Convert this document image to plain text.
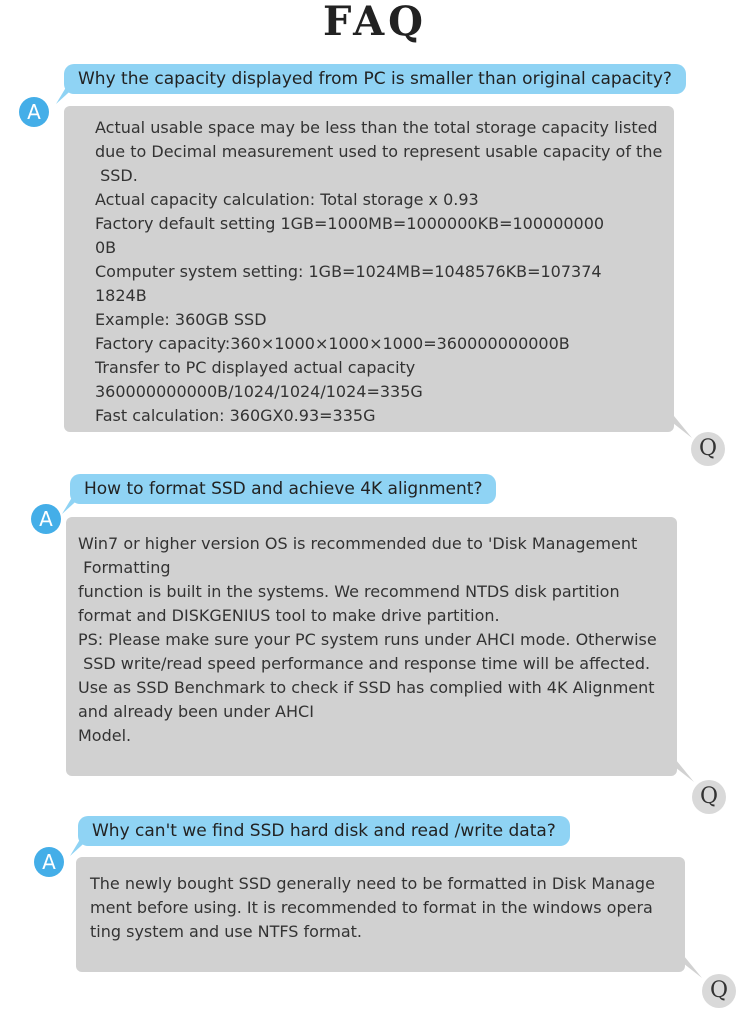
FAQ
Why the capacity displayed from PC is smaller than original capacity?
A
Actual usable space may be less than the total storage capacity listed
due to Decimal measurement used to represent usable capacity of the
SSD.
Actual capacity calculation: Total storage x 0.93
Factory default setting 1GB=1000MB=1000000KB=100000000
0B
Computer system setting: 1GB=1024MB=1048576KB=107374
1824B
Example: 360GB SSD
Factory capacity:360×1000×1000×1000=360000000000B
Transfer to PC displayed actual capacity
360000000000B/1024/1024/1024=335G
Fast calculation: 360GX0.93=335G
Q
How to format SSD and achieve 4K alignment?
A
Win7 or higher version OS is recommended due to 'Disk Management
Formatting
function is built in the systems. We recommend NTDS disk partition
format and DISKGENIUS tool to make drive partition.
PS: Please make sure your PC system runs under AHCI mode. Otherwise
SSD write/read speed performance and response time will be affected.
Use as SSD Benchmark to check if SSD has complied with 4K Alignment
and already been under AHCI
Model.
Q
Why can't we find SSD hard disk and read /write data?
A
The newly bought SSD generally need to be formatted in Disk Manage
ment before using. It is recommended to format in the windows opera
ting system and use NTFS format.
Q
